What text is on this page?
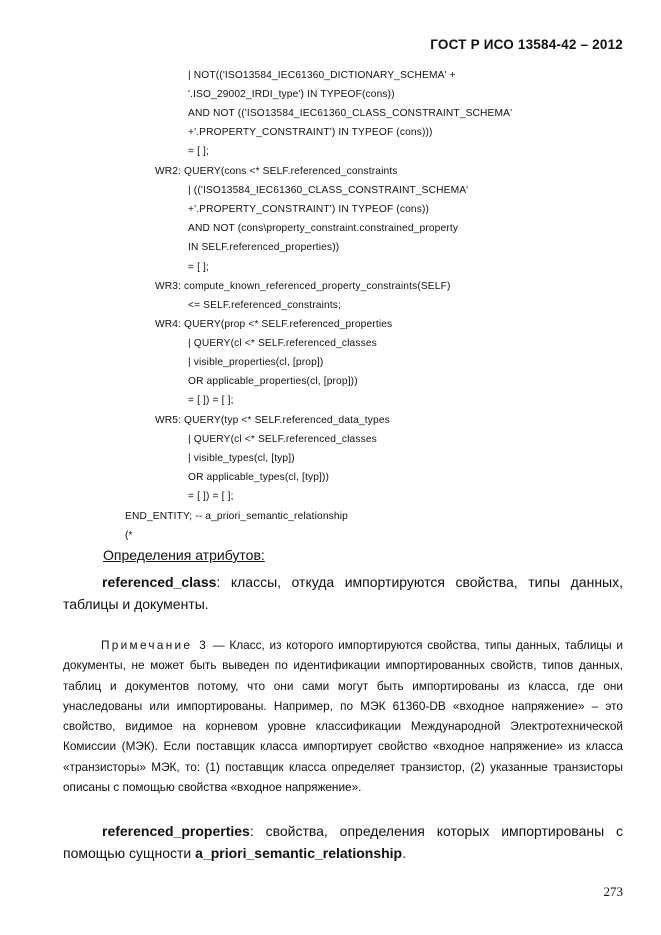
ГОСТ Р ИСО 13584-42 – 2012
| NOT(('ISO13584_IEC61360_DICTIONARY_SCHEMA' +
'.ISO_29002_IRDI_type') IN TYPEOF(cons))
AND NOT (('ISO13584_IEC61360_CLASS_CONSTRAINT_SCHEMA'
+'.PROPERTY_CONSTRAINT') IN TYPEOF (cons)))
= [ ];
WR2: QUERY(cons <* SELF.referenced_constraints
| (('ISO13584_IEC61360_CLASS_CONSTRAINT_SCHEMA'
+'.PROPERTY_CONSTRAINT') IN TYPEOF (cons))
AND NOT (cons\property_constraint.constrained_property
IN SELF.referenced_properties))
= [ ];
WR3: compute_known_referenced_property_constraints(SELF)
<= SELF.referenced_constraints;
WR4: QUERY(prop <* SELF.referenced_properties
| QUERY(cl <* SELF.referenced_classes
| visible_properties(cl, [prop])
OR applicable_properties(cl, [prop]))
= [ ]) = [ ];
WR5: QUERY(typ <* SELF.referenced_data_types
| QUERY(cl <* SELF.referenced_classes
| visible_types(cl, [typ])
OR applicable_types(cl, [typ]))
= [ ]) = [ ];
END_ENTITY; -- a_priori_semantic_relationship
(*
Определения атрибутов:
referenced_class: классы, откуда импортируются свойства, типы данных, таблицы и документы.
Примечание 3 — Класс, из которого импортируются свойства, типы данных, таблицы и документы, не может быть выведен по идентификации импортированных свойств, типов данных, таблиц и документов потому, что они сами могут быть импортированы из класса, где они унаследованы или импортированы. Например, по МЭК 61360-DB «входное напряжение» – это свойство, видимое на корневом уровне классификации Международной Электротехнической Комиссии (МЭК). Если поставщик класса импортирует свойство «входное напряжение» из класса «транзисторы» МЭК, то: (1) поставщик класса определяет транзистор, (2) указанные транзисторы описаны с помощью свойства «входное напряжение».
referenced_properties: свойства, определения которых импортированы с помощью сущности a_priori_semantic_relationship.
273
